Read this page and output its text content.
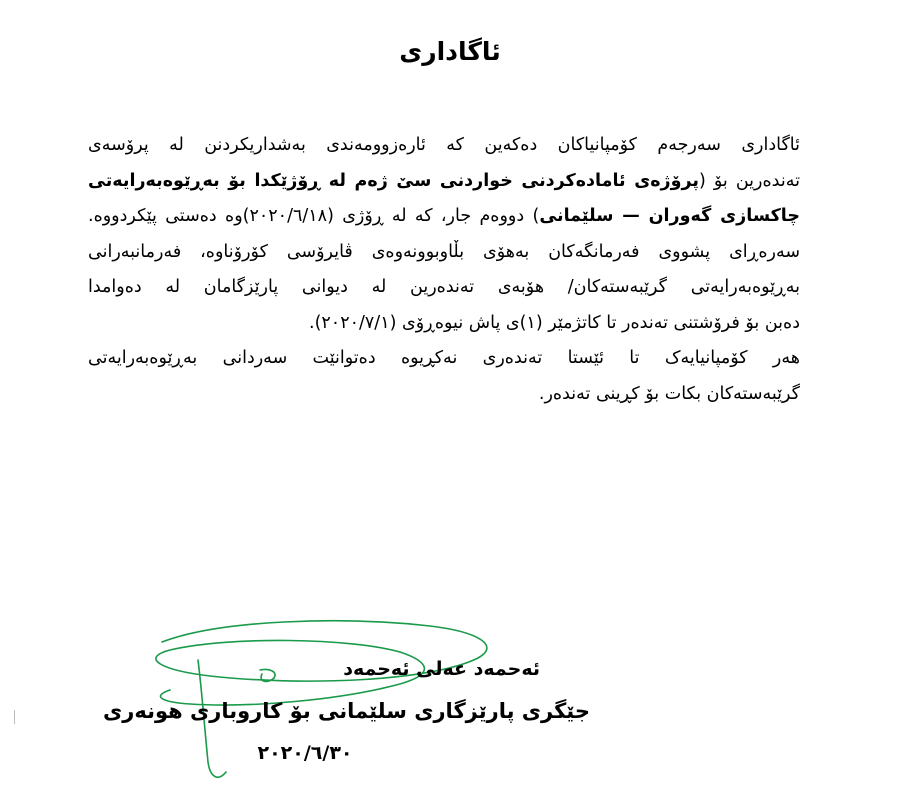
ئاگاداری
ئاگاداری سەرجەم کۆمپانیاکان دەکەین کە ئارەزوومەندی بەشداریکردنن لە پرۆسەی
تەندەرین بۆ (پرۆژەی ئامادەکردنی خواردنی سێ ژەم لە ڕۆژێکدا بۆ بەڕێوەبەرایەتی
چاکسازی گەوران — سلێمانی) دووەم جار، کە لە ڕۆژی (٢٠٢٠/٦/١٨)وە دەستی پێکردووە.
سەرەڕای پشووی فەرمانگەکان بەهۆی بڵاوبوونەوەی ڤایرۆسی کۆرۆناوە، فەرمانبەرانی
بەڕێوەبەرایەتی گرێبەستەکان/ هۆبەی تەندەرین لە دیوانی پارێزگامان لە دەوامدا
دەبن بۆ فرۆشتنی تەندەر تا کاتژمێر (١)ی پاش نیوەڕۆی (٢٠٢٠/٧/١).
هەر کۆمپانیایەک تا ئێستا تەندەری نەکڕیوە دەتوانێت سەردانی بەڕێوەبەرایەتی
گرێبەستەکان بکات بۆ کڕینی تەندەر.

ئەحمەد عەلی ئەحمەد

جێگری پارێزگاری سلێمانی بۆ کاروباری هونەری

٢٠٢٠/٦/٣٠
